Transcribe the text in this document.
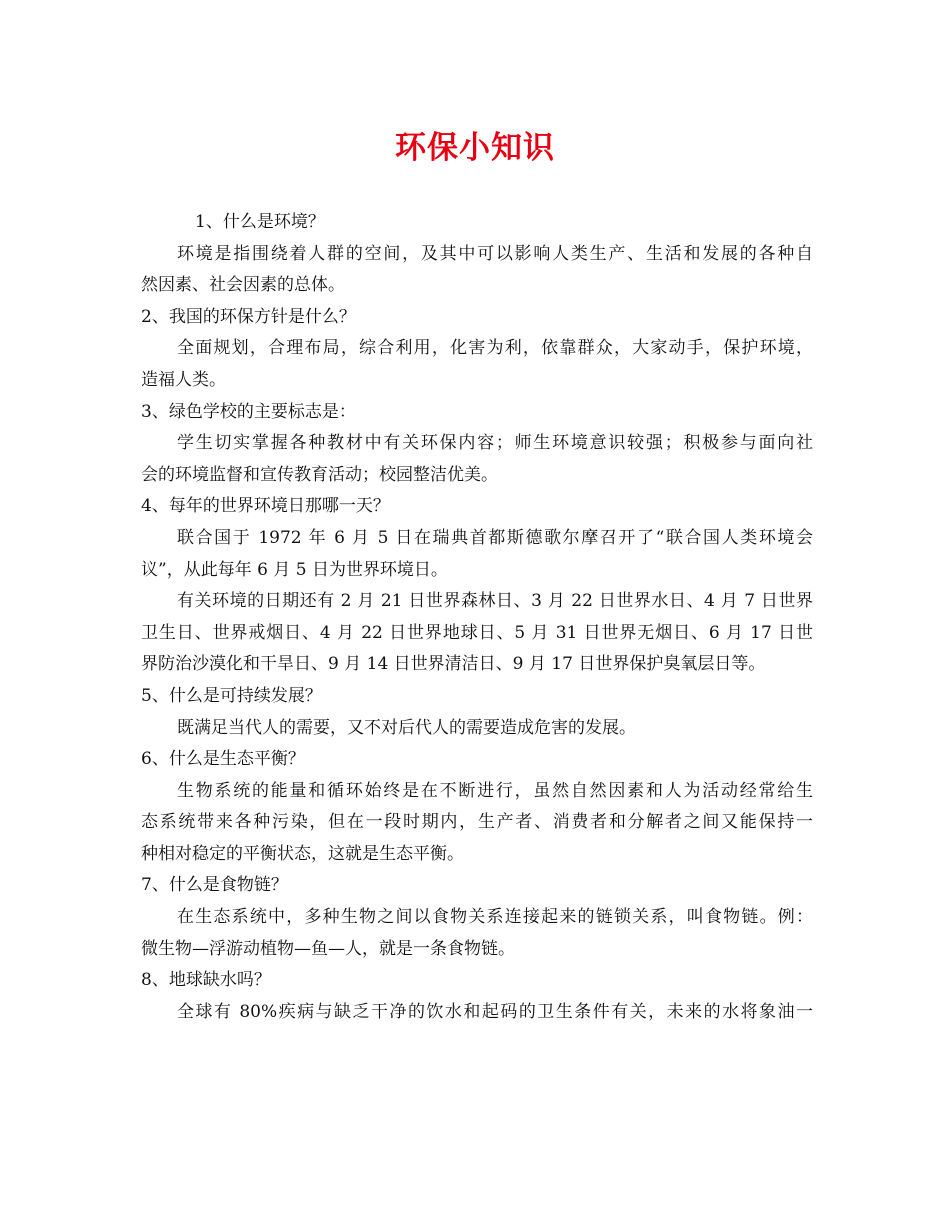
环保小知识
1、什么是环境？
环境是指围绕着人群的空间，及其中可以影响人类生产、生活和发展的各种自
然因素、社会因素的总体。
2、我国的环保方针是什么？
全面规划，合理布局，综合利用，化害为利，依靠群众，大家动手，保护环境，
造福人类。
3、绿色学校的主要标志是：
学生切实掌握各种教材中有关环保内容；师生环境意识较强；积极参与面向社
会的环境监督和宣传教育活动；校园整洁优美。
4、每年的世界环境日那哪一天？
联合国于 1972 年 6 月 5 日在瑞典首都斯德歌尔摩召开了“联合国人类环境会
议”，从此每年 6 月 5 日为世界环境日。
有关环境的日期还有 2 月 21 日世界森林日、3 月 22 日世界水日、4 月 7 日世界
卫生日、世界戒烟日、4 月 22 日世界地球日、5 月 31 日世界无烟日、6 月 17 日世
界防治沙漠化和干旱日、9 月 14 日世界清洁日、9 月 17 日世界保护臭氧层日等。
5、什么是可持续发展？
既满足当代人的需要，又不对后代人的需要造成危害的发展。
6、什么是生态平衡？
生物系统的能量和循环始终是在不断进行，虽然自然因素和人为活动经常给生
态系统带来各种污染，但在一段时期内，生产者、消费者和分解者之间又能保持一
种相对稳定的平衡状态，这就是生态平衡。
7、什么是食物链？
在生态系统中，多种生物之间以食物关系连接起来的链锁关系，叫食物链。例：
微生物—浮游动植物—鱼—人，就是一条食物链。
8、地球缺水吗？
全球有 80%疾病与缺乏干净的饮水和起码的卫生条件有关，未来的水将象油一
